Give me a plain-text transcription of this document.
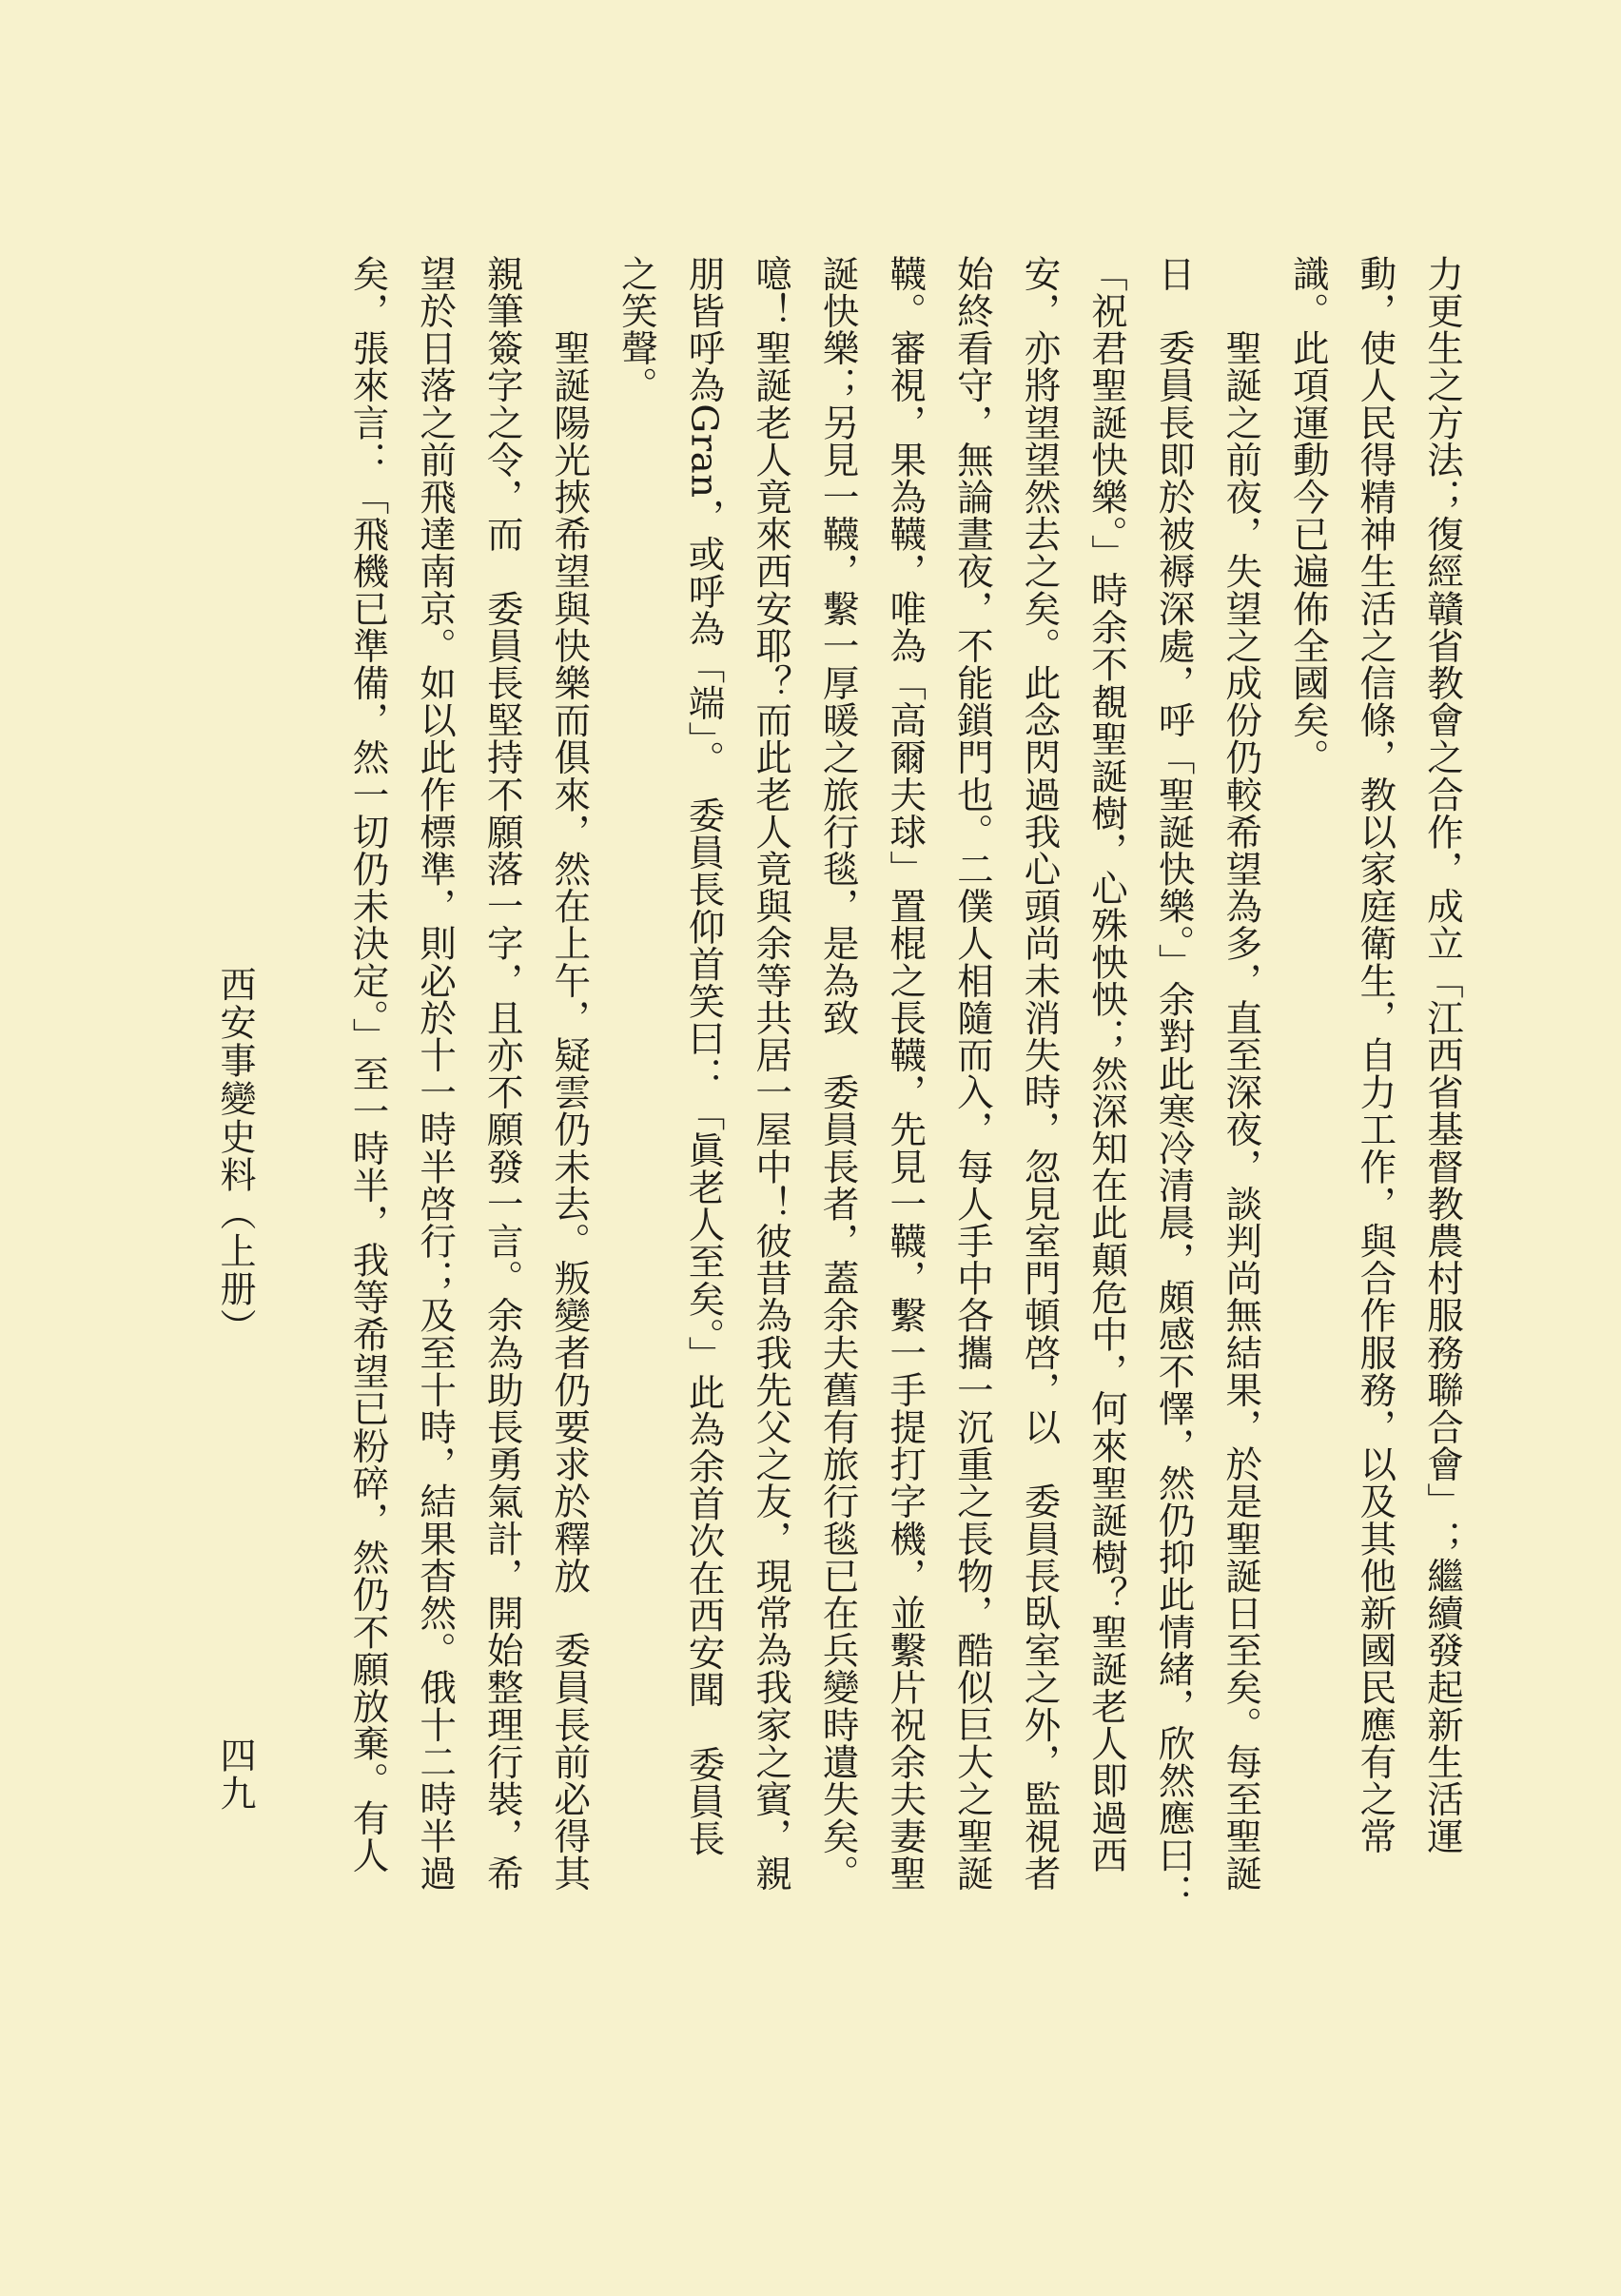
力更生之方法；復經贛省教會之合作，成立「江西省基督教農村服務聯合會」；繼續發起新生活運
動，使人民得精神生活之信條，教以家庭衛生，自力工作，與合作服務，以及其他新國民應有之常
識。此項運動今已遍佈全國矣。
　　聖誕之前夜，失望之成份仍較希望為多，直至深夜，談判尚無結果，於是聖誕日至矣。每至聖誕
日　委員長即於被褥深處，呼「聖誕快樂。」余對此寒冷清晨，頗感不懌，然仍抑此情緒，欣然應曰：
「祝君聖誕快樂。」時余不覩聖誕樹，心殊怏怏；然深知在此顛危中，何來聖誕樹？聖誕老人即過西
安，亦將望望然去之矣。此念閃過我心頭尚未消失時，忽見室門頓啓，以　委員長臥室之外，監視者
始終看守，無論晝夜，不能鎖門也。二僕人相隨而入，每人手中各攜一沉重之長物，酷似巨大之聖誕
韈。審視，果為韈，唯為「高爾夫球」置棍之長韈，先見一韈，繫一手提打字機，並繫片祝余夫妻聖
誕快樂；另見一韈，繫一厚暖之旅行毯，是為致　委員長者，蓋余夫舊有旅行毯已在兵變時遺失矣。
噫！聖誕老人竟來西安耶？而此老人竟與余等共居一屋中！彼昔為我先父之友，現常為我家之賓，親
朋皆呼為Gran，或呼為「端」。　委員長仰首笑曰：「眞老人至矣。」此為余首次在西安聞　委員長
之笑聲。
　　聖誕陽光挾希望與快樂而俱來，然在上午，疑雲仍未去。叛變者仍要求於釋放　委員長前必得其
親筆簽字之令，而　委員長堅持不願落一字，且亦不願發一言。余為助長勇氣計，開始整理行裝，希
望於日落之前飛達南京。如以此作標準，則必於十一時半啓行；及至十時，結果杳然。俄十二時半過
矣，張來言：「飛機已準備，然一切仍未決定。」至一時半，我等希望已粉碎，然仍不願放棄。有人
西安事變史料（上册）
四九
